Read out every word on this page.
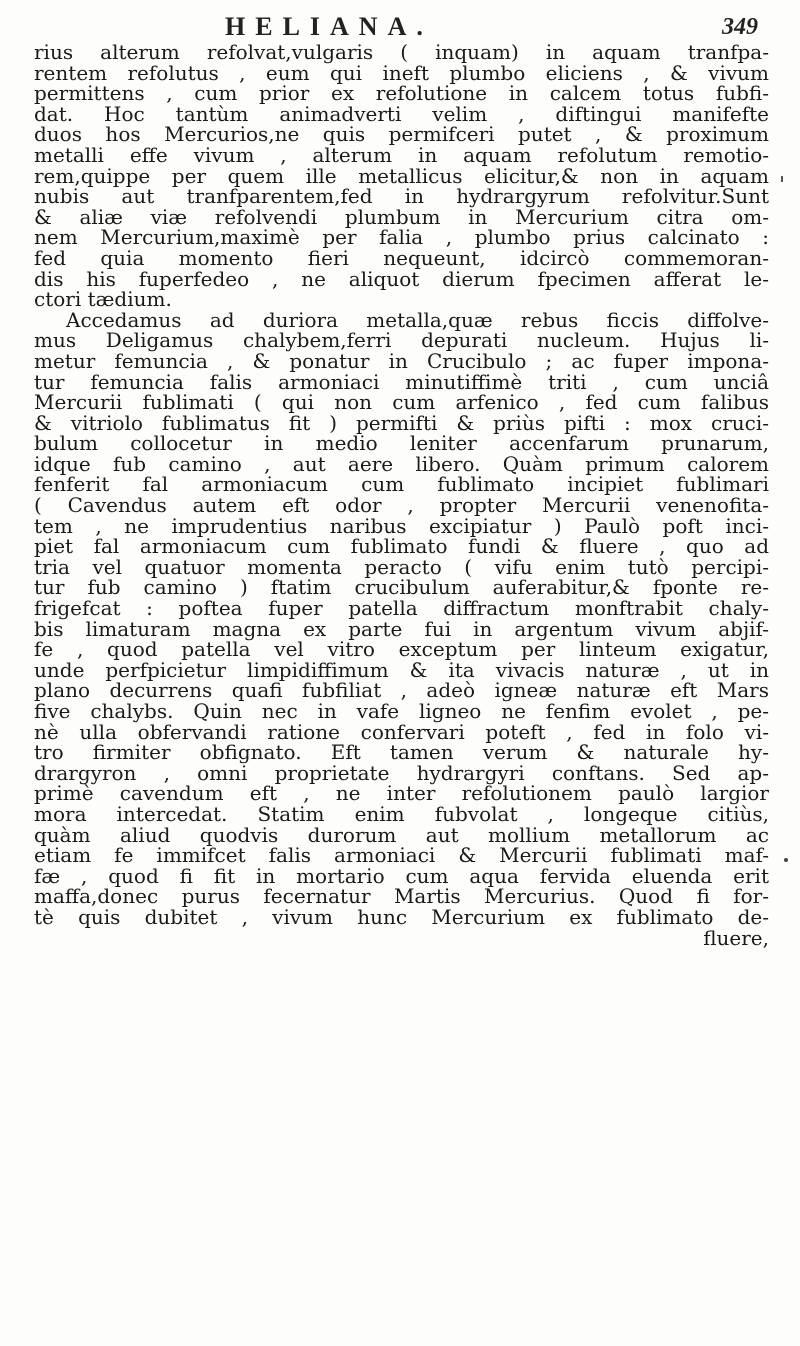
HELIANA.	349
rius alterum refolvat,vulgaris ( inquam) in aquam tranfpa-
rentem refolutus , eum qui ineft plumbo eliciens , & vivum
permittens , cum prior ex refolutione in calcem totus fubfi-
dat. Hoc tantùm animadverti velim , diftingui manifefte
duos hos Mercurios,ne quis permifceri putet , & proximum
metalli effe vivum , alterum in aquam refolutum remotio-
rem,quippe per quem ille metallicus elicitur,& non in aquam
nubis aut tranfparentem,fed in hydrargyrum refolvitur.Sunt
& aliæ viæ refolvendi plumbum in Mercurium citra om-
nem Mercurium,maximè per falia , plumbo prius calcinato :
fed quia momento fieri nequeunt, idcircò commemoran-
dis his fuperfedeo , ne aliquot dierum fpecimen afferat le-
ctori tædium.
Accedamus ad duriora metalla,quæ rebus ficcis diffolve-
mus Deligamus chalybem,ferri depurati nucleum. Hujus li-
metur femuncia , & ponatur in Crucibulo ; ac fuper impona-
tur femuncia falis armoniaci minutiffimè triti , cum unciâ
Mercurii fublimati ( qui non cum arfenico , fed cum falibus
& vitriolo fublimatus fit ) permifti & priùs pifti : mox cruci-
bulum collocetur in medio leniter accenfarum prunarum,
idque fub camino , aut aere libero. Quàm primum calorem
fenferit fal armoniacum cum fublimato incipiet fublimari
( Cavendus autem eft odor , propter Mercurii venenofita-
tem , ne imprudentius naribus excipiatur ) Paulò poft inci-
piet fal armoniacum cum fublimato fundi & fluere , quo ad
tria vel quatuor momenta peracto ( vifu enim tutò percipi-
tur fub camino ) ftatim crucibulum auferabitur,& fponte re-
frigefcat : poftea fuper patella diffractum monftrabit chaly-
bis limaturam magna ex parte fui in argentum vivum abjif-
fe , quod patella vel vitro exceptum per linteum exigatur,
unde perfpicietur limpidiffimum & ita vivacis naturæ , ut in
plano decurrens quafi fubfiliat , adeò igneæ naturæ eft Mars
five chalybs. Quin nec in vafe ligneo ne fenfim evolet , pe-
nè ulla obfervandi ratione confervari poteft , fed in folo vi-
tro firmiter obfignato. Eft tamen verum & naturale hy-
drargyron , omni proprietate hydrargyri conftans. Sed ap-
primè cavendum eft , ne inter refolutionem paulò largior
mora intercedat. Statim enim fubvolat , longeque citiùs,
quàm aliud quodvis durorum aut mollium metallorum ac
etiam fe immifcet falis armoniaci & Mercurii fublimati maf-
fæ , quod fi fit in mortario cum aqua fervida eluenda erit
maffa,donec purus fecernatur Martis Mercurius. Quod fi for-
tè quis dubitet , vivum hunc Mercurium ex fublimato de-
fluere,
